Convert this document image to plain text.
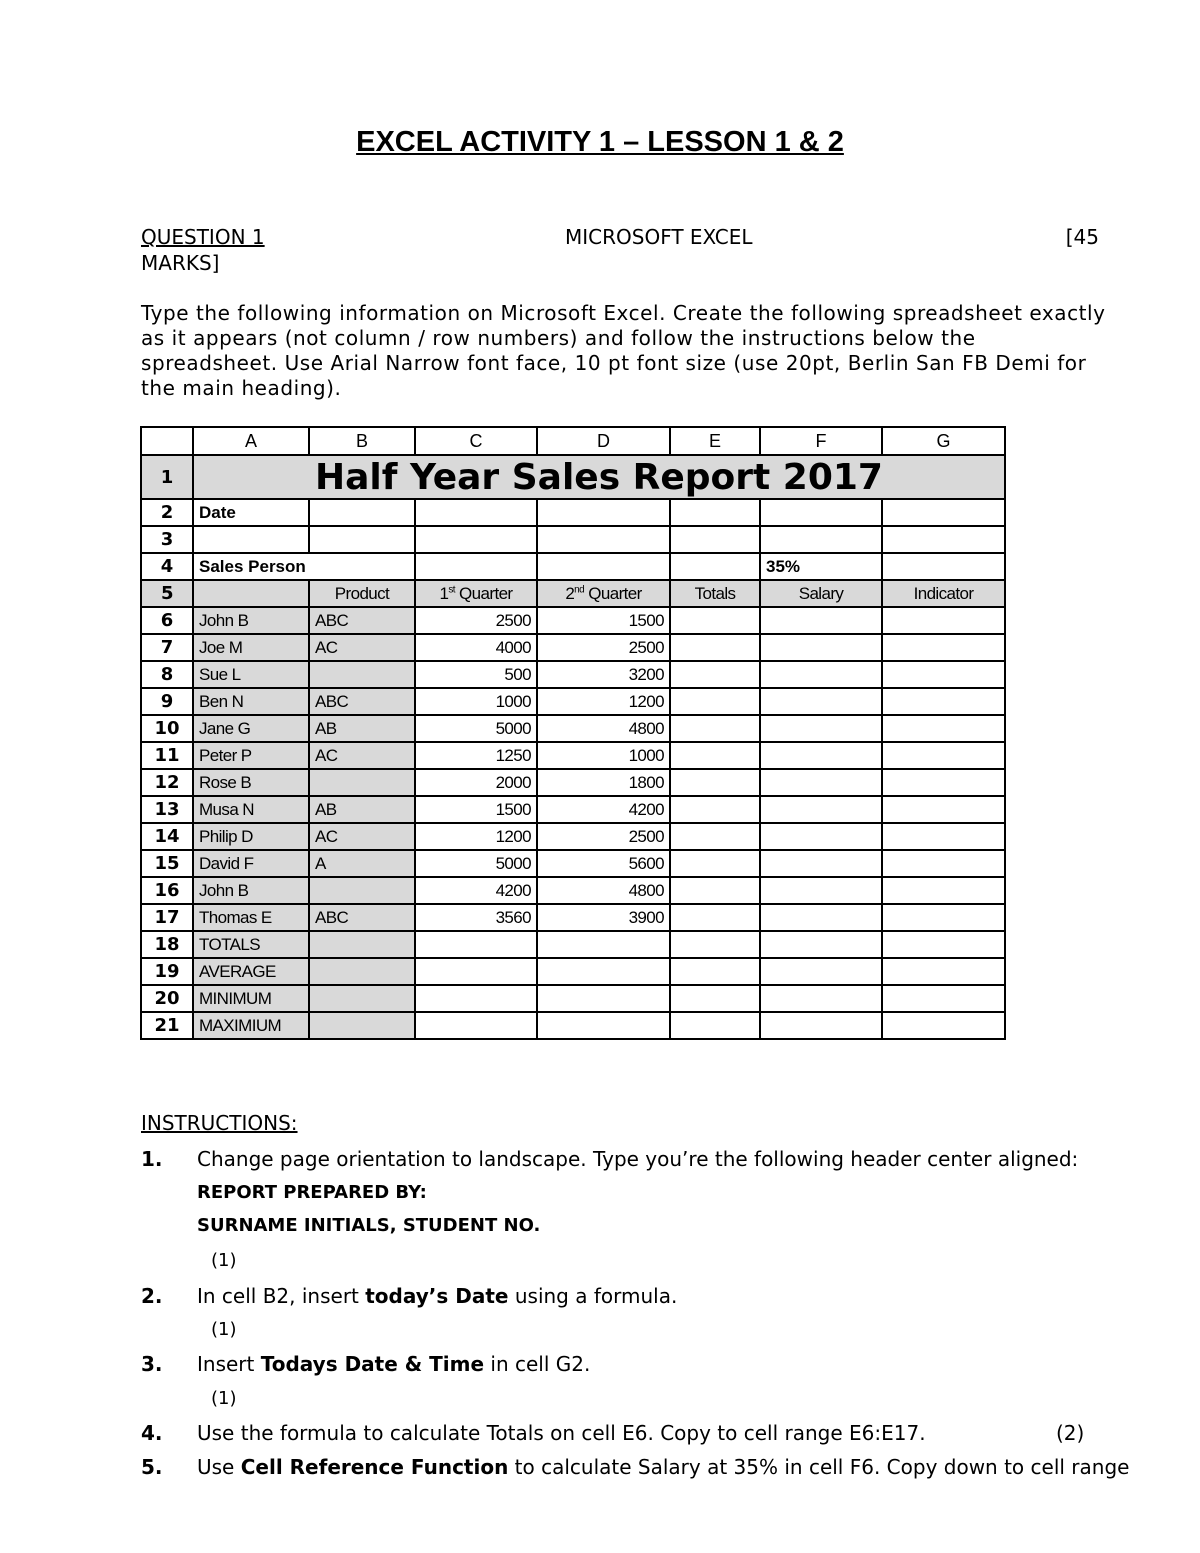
EXCEL ACTIVITY 1 – LESSON 1 & 2
QUESTION 1	MICROSOFT EXCEL	[45
MARKS]
Type the following information on Microsoft Excel. Create the following spreadsheet exactly as it appears (not column / row numbers) and follow the instructions below the spreadsheet. Use Arial Narrow font face, 10 pt font size (use 20pt, Berlin San FB Demi for the main heading).
	A	B	C	D	E	F	G
1	Half Year Sales Report 2017						
2	Date						
3							
4	Sales Person					35%	
5		Product	1st Quarter	2nd Quarter	Totals	Salary	Indicator
6	John B	ABC	2500	1500			
7	Joe M	AC	4000	2500			
8	Sue L		500	3200			
9	Ben N	ABC	1000	1200			
10	Jane G	AB	5000	4800			
11	Peter P	AC	1250	1000			
12	Rose B		2000	1800			
13	Musa N	AB	1500	4200			
14	Philip D	AC	1200	2500			
15	David F	A	5000	5600			
16	John B		4200	4800			
17	Thomas E	ABC	3560	3900			
18	TOTALS						
19	AVERAGE						
20	MINIMUM						
21	MAXIMIUM						
INSTRUCTIONS:
1. Change page orientation to landscape. Type you’re the following header center aligned:
REPORT PREPARED BY:
SURNAME INITIALS, STUDENT NO.
(1)
2. In cell B2, insert today’s Date using a formula.
(1)
3. Insert Todays Date & Time in cell G2.
(1)
4. Use the formula to calculate Totals on cell E6. Copy to cell range E6:E17.	(2)
5. Use Cell Reference Function to calculate Salary at 35% in cell F6. Copy down to cell range
